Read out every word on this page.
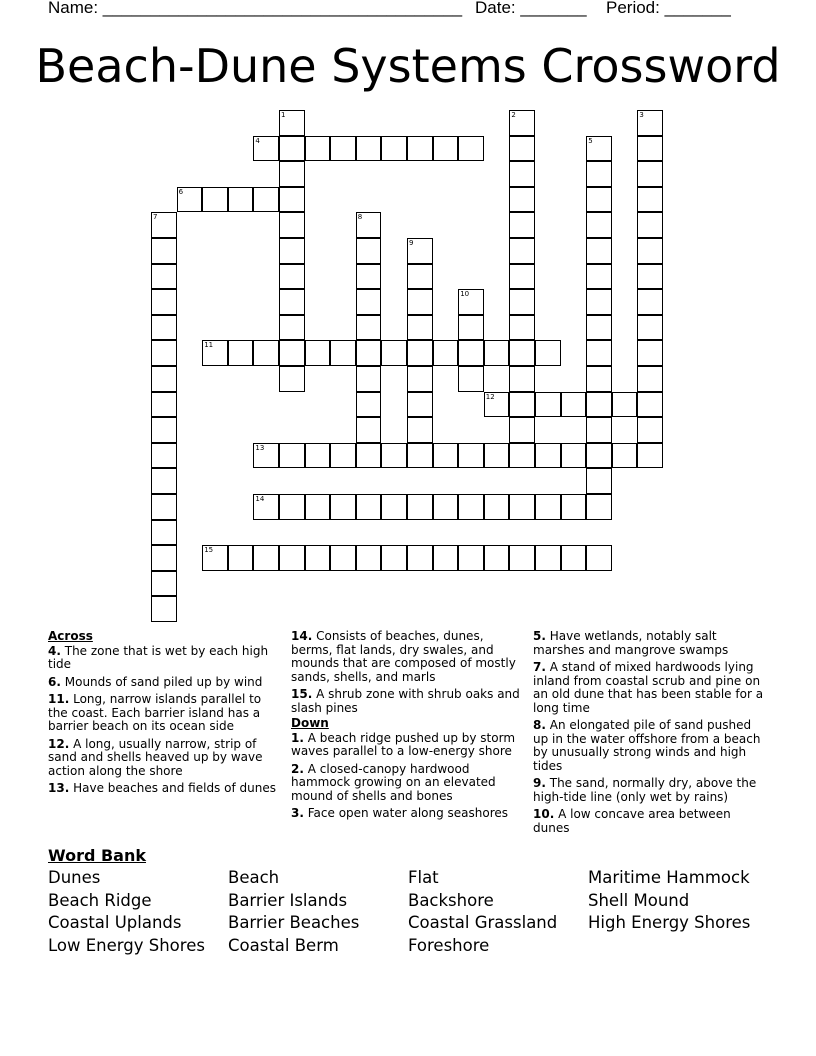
Name: ______________________________________ Date: _______ Period: _______
Beach-Dune Systems Crossword
1	2	3
4	5
6
7	8
9
10
11
12
13
14
15
Across
4. The zone that is wet by each high tide
6. Mounds of sand piled up by wind
11. Long, narrow islands parallel to the coast. Each barrier island has a barrier beach on its ocean side
12. A long, usually narrow, strip of sand and shells heaved up by wave action along the shore
13. Have beaches and fields of dunes
14. Consists of beaches, dunes, berms, flat lands, dry swales, and mounds that are composed of mostly sands, shells, and marls
15. A shrub zone with shrub oaks and slash pines
Down
1. A beach ridge pushed up by storm waves parallel to a low-energy shore
2. A closed-canopy hardwood hammock growing on an elevated mound of shells and bones
3. Face open water along seashores
5. Have wetlands, notably salt marshes and mangrove swamps
7. A stand of mixed hardwoods lying inland from coastal scrub and pine on an old dune that has been stable for a long time
8. An elongated pile of sand pushed up in the water offshore from a beach by unusually strong winds and high tides
9. The sand, normally dry, above the high-tide line (only wet by rains)
10. A low concave area between dunes
Word Bank
Dunes
Beach Ridge
Coastal Uplands
Low Energy Shores
Beach
Barrier Islands
Barrier Beaches
Coastal Berm
Flat
Backshore
Coastal Grassland
Foreshore
Maritime Hammock
Shell Mound
High Energy Shores
